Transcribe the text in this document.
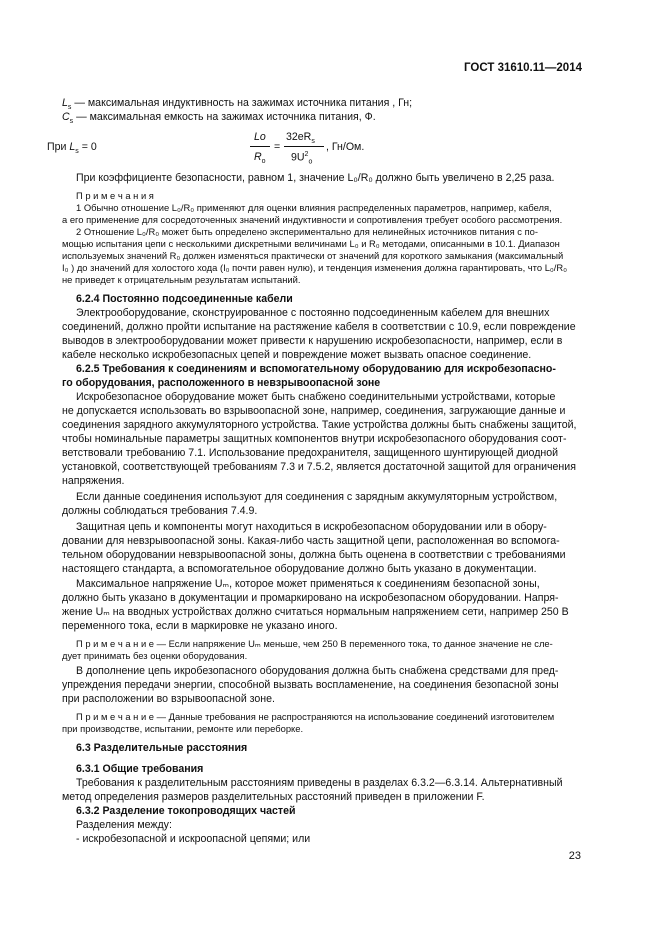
ГОСТ 31610.11—2014
$L_s$ — максимальная индуктивность на зажимах источника питания , Гн;
$C_s$ — максимальная емкость на зажимах источника питания, Ф.
При $L_s = 0$
Lo
$R_o$
=
$32eR_s$
$9U^2_o$
, Гн/Ом.
При коэффициенте безопасности, равном 1, значение L₀/R₀ должно быть увеличено в 2,25 раза.
П р и м е ч а н и я
1 Обычно отношение L₀/R₀ применяют для оценки влияния распределенных параметров, например, кабеля,
а его применение для сосредоточенных значений индуктивности и сопротивления требует особого рассмотрения.
2 Отношение L₀/R₀ может быть определено экспериментально для нелинейных источников питания с по-
мощью испытания цепи с несколькими дискретными величинами L₀ и R₀ методами, описанными в 10.1. Диапазон
используемых значений R₀ должен изменяться практически от значений для короткого замыкания (максимальный
I₀ ) до значений для холостого хода (I₀ почти равен нулю), и тенденция изменения должна гарантировать, что L₀/R₀
не приведет к отрицательным результатам испытаний.
6.2.4 Постоянно подсоединенные кабели
Электрооборудование, сконструированное с постоянно подсоединенным кабелем для внешних
соединений, должно пройти испытание на растяжение кабеля в соответствии с 10.9, если повреждение
выводов в электрооборудовании может привести к нарушению искробезопасности, например, если в
кабеле несколько искробезопасных цепей и повреждение может вызвать опасное соединение.
6.2.5 Требования к соединениям и вспомогательному оборудованию для искробезопасно-
го оборудования, расположенного в невзрывоопасной зоне
Искробезопасное оборудование может быть снабжено соединительными устройствами, которые
не допускается использовать во взрывоопасной зоне, например, соединения, загружающие данные и
соединения зарядного аккумуляторного устройства. Такие устройства должны быть снабжены защитой,
чтобы номинальные параметры защитных компонентов внутри искробезопасного оборудования соот-
ветствовали требованию 7.1. Использование предохранителя, защищенного шунтирующей диодной
установкой, соответствующей требованиям 7.3 и 7.5.2, является достаточной защитой для ограничения
напряжения.
Если данные соединения используют для соединения с зарядным аккумуляторным устройством,
должны соблюдаться требования 7.4.9.
Защитная цепь и компоненты могут находиться в искробезопасном оборудовании или в обору-
довании для невзрывоопасной зоны. Какая-либо часть защитной цепи, расположенная во вспомога-
тельном оборудовании невзрывоопасной зоны, должна быть оценена в соответствии с требованиями
настоящего стандарта, а вспомогательное оборудование должно быть указано в документации.
Максимальное напряжение Uₘ, которое может применяться к соединениям безопасной зоны,
должно быть указано в документации и промаркировано на искробезопасном оборудовании. Напря-
жение Uₘ на вводных устройствах должно считаться нормальным напряжением сети, например 250 В
переменного тока, если в маркировке не указано иного.
П р и м е ч а н и е — Если напряжение Uₘ меньше, чем 250 В переменного тока, то данное значение не сле-
дует принимать без оценки оборудования.
В дополнение цепь икробезопасного оборудования должна быть снабжена средствами для пред-
упреждения передачи энергии, способной вызвать воспламенение, на соединения безопасной зоны
при расположении во взрывоопасной зоне.
П р и м е ч а н и е — Данные требования не распространяются на использование соединений изготовителем
при производстве, испытании, ремонте или переборке.
6.3 Разделительные расстояния
6.3.1 Общие требования
Требования к разделительным расстояниям приведены в разделах 6.3.2—6.3.14. Альтернативный
метод определения размеров разделительных расстояний приведен в приложении F.
6.3.2 Разделение токопроводящих частей
Разделения между:
- искробезопасной и искроопасной цепями; или
23
